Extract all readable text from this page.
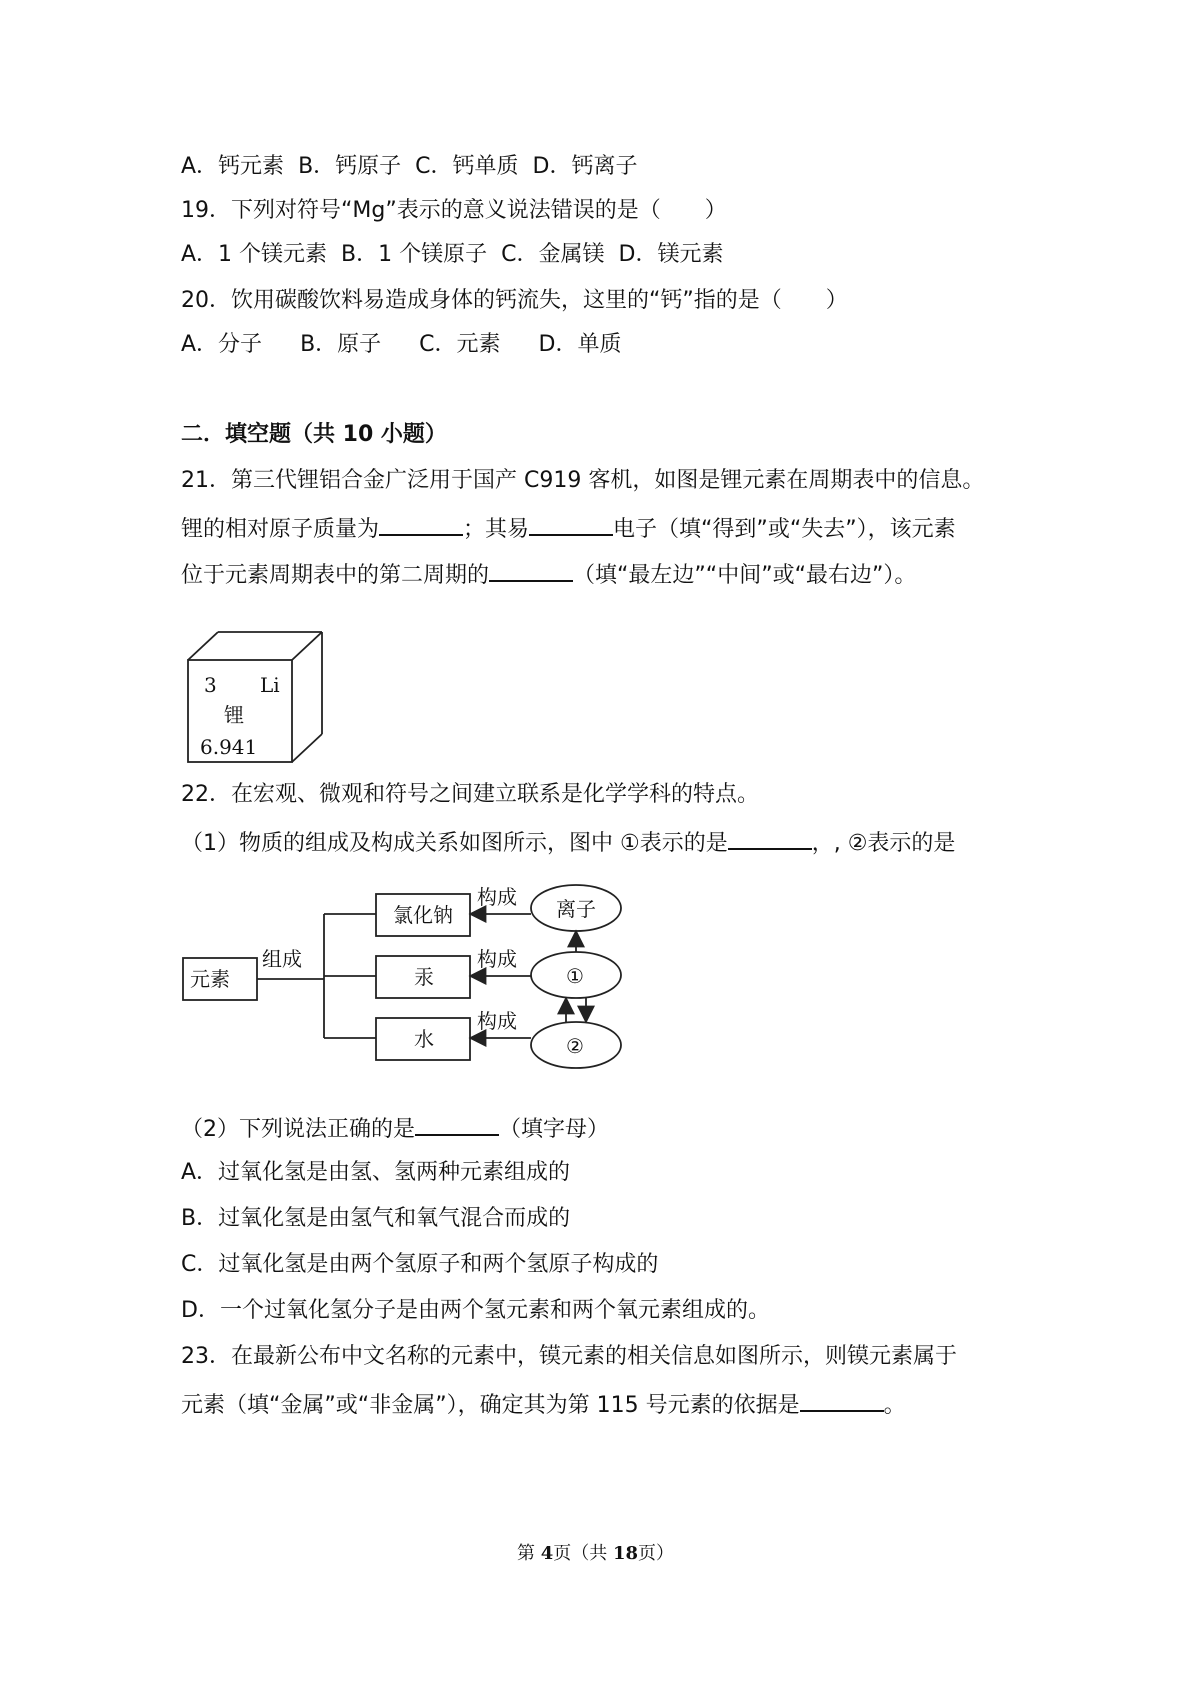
A．钙元素 B．钙原子 C．钙单质 D．钙离子
19．下列对符号“Mg”表示的意义说法错误的是（　　）
A．1 个镁元素 B．1 个镁原子 C．金属镁 D．镁元素
20．饮用碳酸饮料易造成身体的钙流失，这里的“钙”指的是（　　）
A．分子 B．原子 C．元素 D．单质
二．填空题（共 10 小题）
21．第三代锂铝合金广泛用于国产 C919 客机，如图是锂元素在周期表中的信息。
锂的相对原子质量为	；其易	电子（填“得到”或“失去”），该元素
位于元素周期表中的第二周期的	（填“最左边”“中间”或“最右边”）。
3 Li
锂
6.941
22．在宏观、微观和符号之间建立联系是化学学科的特点。
（1）物质的组成及构成关系如图所示，图中 ①表示的是	，, ②表示的是
元素
组成
氯化钠
汞
水
构成
构成
构成
离子
①
②
（2）下列说法正确的是	（填字母）
A．过氧化氢是由氢、氢两种元素组成的
B．过氧化氢是由氢气和氧气混合而成的
C．过氧化氢是由两个氢原子和两个氢原子构成的
D．一个过氧化氢分子是由两个氢元素和两个氧元素组成的。
23．在最新公布中文名称的元素中，镆元素的相关信息如图所示，则镆元素属于
元素（填“金属”或“非金属”），确定其为第 115 号元素的依据是	。
第 4页（共 18页）
